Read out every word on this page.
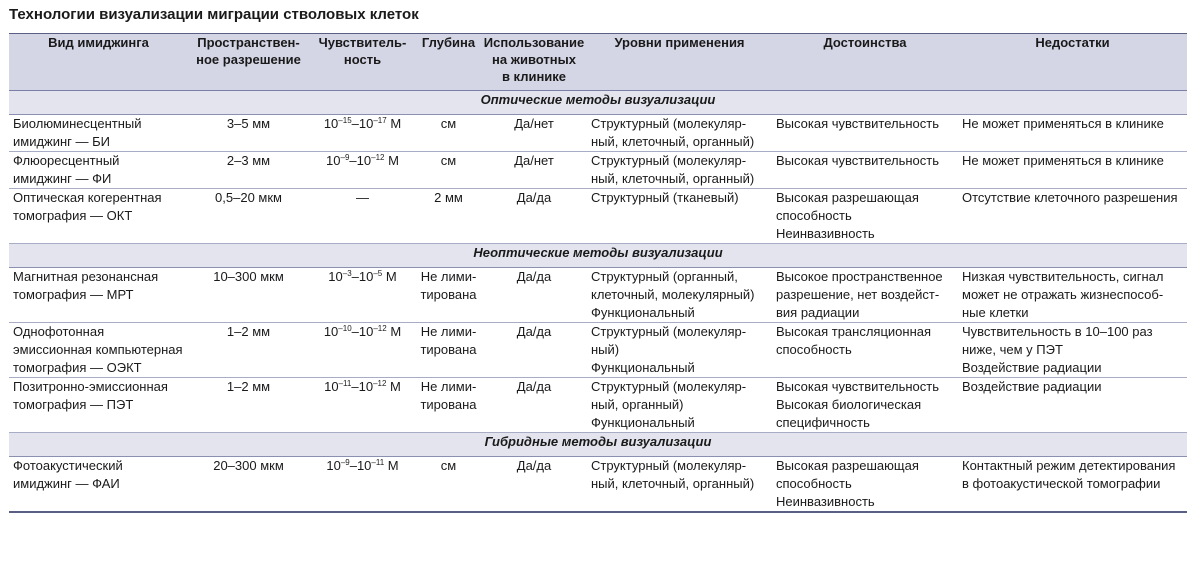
Технологии визуализации миграции стволовых клеток
Вид имиджинга	Пространствен-
ное разрешение	Чувствитель-
ность	Глубина	Использование
на животных
в клинике	Уровни применения	Достоинства	Недостатки
Оптические методы визуализации							

Биолюминесцентный
имиджинг — БИ	3–5 мм	$10^{-15}-10^{-17}$ М	см	Да/нет	Структурный (молекуляр-
ный, клеточный, органный)	Высокая чувствительность	Не может применяться в клинике

Флюоресцентный
имиджинг — ФИ	2–3 мм	$10^{-9}-10^{-12}$ М	см	Да/нет	Структурный (молекуляр-
ный, клеточный, органный)	Высокая чувствительность	Не может применяться в клинике

Оптическая когерентная
томография — ОКТ	0,5–20 мкм	—	2 мм	Да/да	Структурный (тканевый)	Высокая разрешающая
способность
Неинвазивность	Отсутствие клеточного разрешения

Неоптические методы визуализации							

Магнитная резонансная
томография — МРТ	10–300 мкм	$10^{-3}-10^{-5}$ М	Не лими-
тирована	Да/да	Структурный (органный,
клеточный, молекулярный)
Функциональный	Высокое пространственное
разрешение, нет воздейст-
вия радиации	Низкая чувствительность, сигнал
может не отражать жизнеспособ-
ные клетки

Однофотонная
эмиссионная компьютерная
томография — ОЭКТ	1–2 мм	$10^{-10}-10^{-12}$ М	Не лими-
тирована	Да/да	Структурный (молекуляр-
ный)
Функциональный	Высокая трансляционная
способность	Чувствительность в 10–100 раз
ниже, чем у ПЭТ
Воздействие радиации

Позитронно-эмиссионная
томография — ПЭТ	1–2 мм	$10^{-11}-10^{-12}$ М	Не лими-
тирована	Да/да	Структурный (молекуляр-
ный, органный)
Функциональный	Высокая чувствительность
Высокая биологическая
специфичность	Воздействие радиации

Гибридные методы визуализации							

Фотоакустический
имиджинг — ФАИ	20–300 мкм	$10^{-9}-10^{-11}$ М	см	Да/да	Структурный (молекуляр-
ный, клеточный, органный)	Высокая разрешающая
способность
Неинвазивность	Контактный режим детектирования
в фотоакустической томографии
